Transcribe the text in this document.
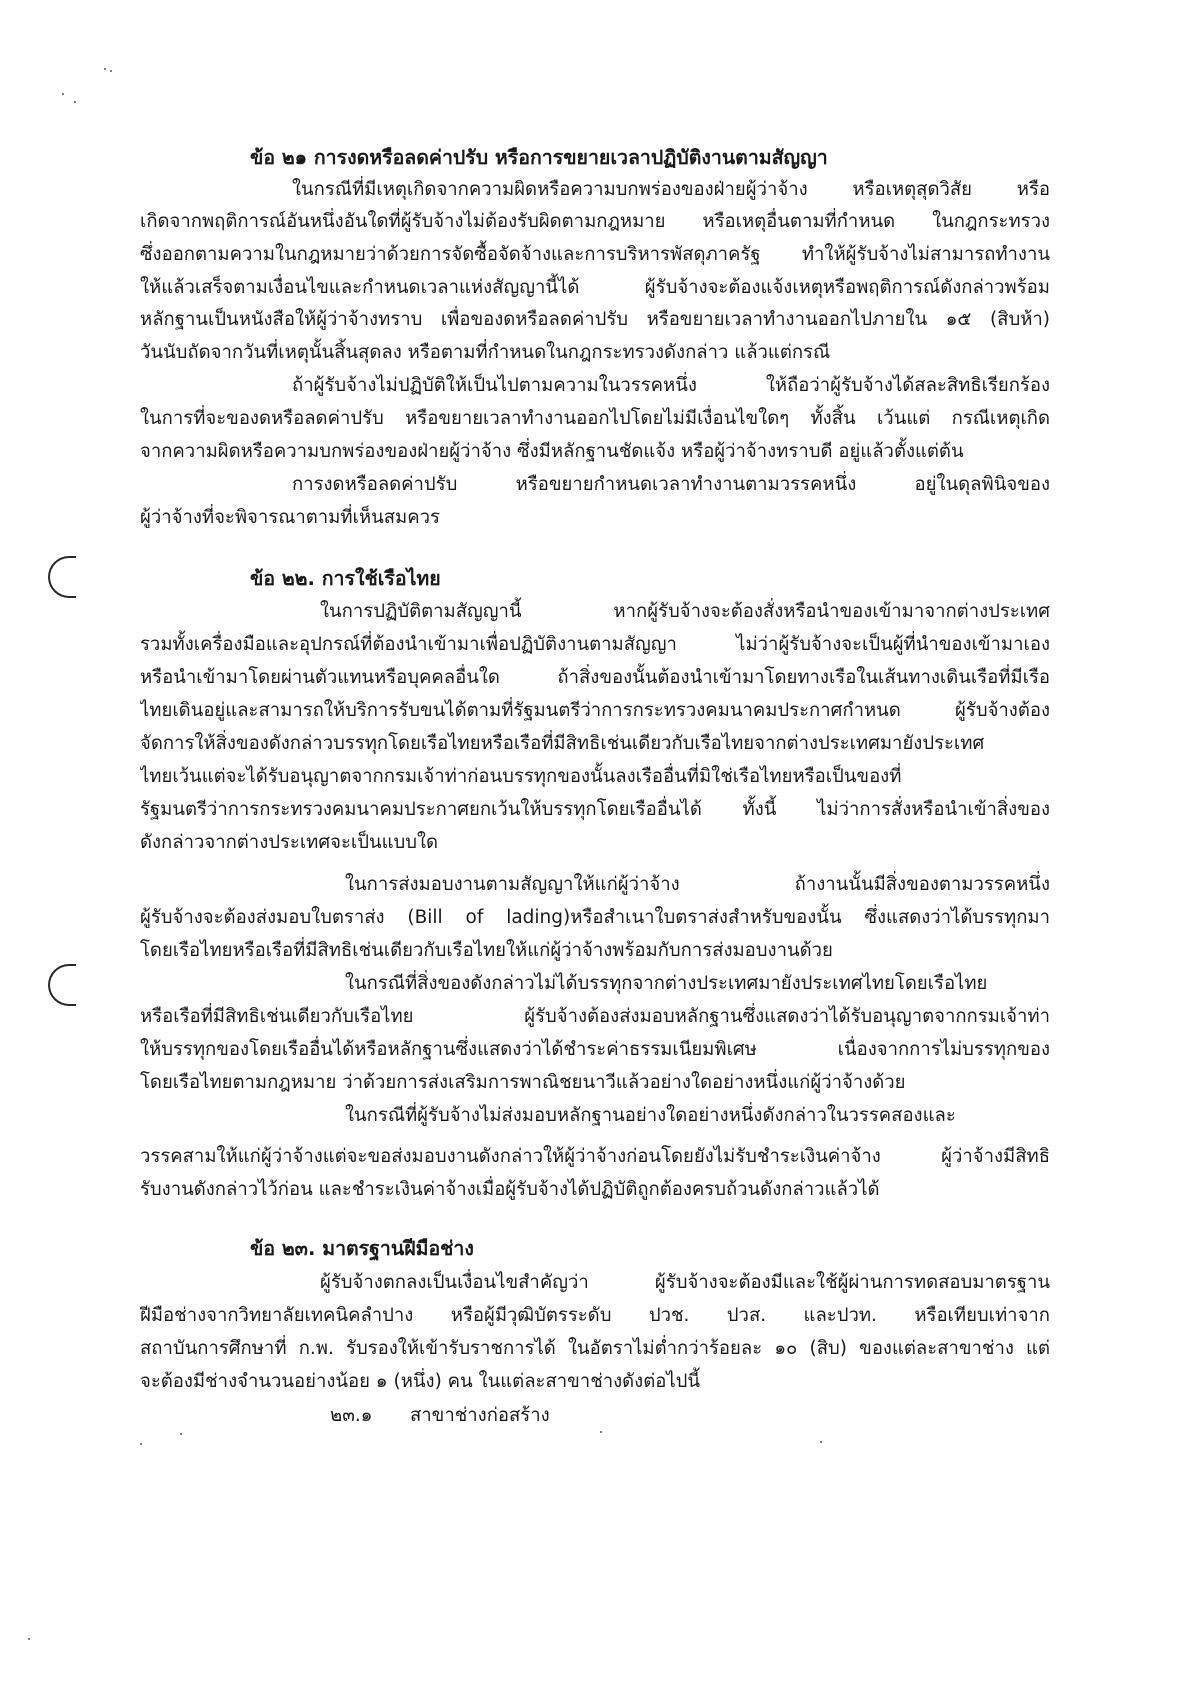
ข้อ ๒๑ การงดหรือลดค่าปรับ หรือการขยายเวลาปฏิบัติงานตามสัญญา
ในกรณีที่มีเหตุเกิดจากความผิดหรือความบกพร่องของฝ่ายผู้ว่าจ้าง หรือเหตุสุดวิสัย หรือ
เกิดจากพฤติการณ์อันหนึ่งอันใดที่ผู้รับจ้างไม่ต้องรับผิดตามกฎหมาย หรือเหตุอื่นตามที่กำหนด ในกฎกระทรวง
ซึ่งออกตามความในกฎหมายว่าด้วยการจัดซื้อจัดจ้างและการบริหารพัสดุภาครัฐ ทำให้ผู้รับจ้างไม่สามารถทำงาน
ให้แล้วเสร็จตามเงื่อนไขและกำหนดเวลาแห่งสัญญานี้ได้ ผู้รับจ้างจะต้องแจ้งเหตุหรือพฤติการณ์ดังกล่าวพร้อม
หลักฐานเป็นหนังสือให้ผู้ว่าจ้างทราบ เพื่อของดหรือลดค่าปรับ หรือขยายเวลาทำงานออกไปภายใน ๑๕ (สิบห้า)
วันนับถัดจากวันที่เหตุนั้นสิ้นสุดลง หรือตามที่กำหนดในกฎกระทรวงดังกล่าว แล้วแต่กรณี
ถ้าผู้รับจ้างไม่ปฏิบัติให้เป็นไปตามความในวรรคหนึ่ง ให้ถือว่าผู้รับจ้างได้สละสิทธิเรียกร้อง
ในการที่จะของดหรือลดค่าปรับ หรือขยายเวลาทำงานออกไปโดยไม่มีเงื่อนไขใดๆ ทั้งสิ้น เว้นแต่ กรณีเหตุเกิด
จากความผิดหรือความบกพร่องของฝ่ายผู้ว่าจ้าง ซึ่งมีหลักฐานชัดแจ้ง หรือผู้ว่าจ้างทราบดี อยู่แล้วตั้งแต่ต้น
การงดหรือลดค่าปรับ หรือขยายกำหนดเวลาทำงานตามวรรคหนึ่ง อยู่ในดุลพินิจของ
ผู้ว่าจ้างที่จะพิจารณาตามที่เห็นสมควร
ข้อ ๒๒. การใช้เรือไทย
ในการปฏิบัติตามสัญญานี้ หากผู้รับจ้างจะต้องสั่งหรือนำของเข้ามาจากต่างประเทศ
รวมทั้งเครื่องมือและอุปกรณ์ที่ต้องนำเข้ามาเพื่อปฏิบัติงานตามสัญญา ไม่ว่าผู้รับจ้างจะเป็นผู้ที่นำของเข้ามาเอง
หรือนำเข้ามาโดยผ่านตัวแทนหรือบุคคลอื่นใด ถ้าสิ่งของนั้นต้องนำเข้ามาโดยทางเรือในเส้นทางเดินเรือที่มีเรือ
ไทยเดินอยู่และสามารถให้บริการรับขนได้ตามที่รัฐมนตรีว่าการกระทรวงคมนาคมประกาศกำหนด ผู้รับจ้างต้อง
จัดการให้สิ่งของดังกล่าวบรรทุกโดยเรือไทยหรือเรือที่มีสิทธิเช่นเดียวกับเรือไทยจากต่างประเทศมายังประเทศ
ไทยเว้นแต่จะได้รับอนุญาตจากกรมเจ้าท่าก่อนบรรทุกของนั้นลงเรืออื่นที่มิใช่เรือไทยหรือเป็นของที่
รัฐมนตรีว่าการกระทรวงคมนาคมประกาศยกเว้นให้บรรทุกโดยเรืออื่นได้ ทั้งนี้ ไม่ว่าการสั่งหรือนำเข้าสิ่งของ
ดังกล่าวจากต่างประเทศจะเป็นแบบใด
ในการส่งมอบงานตามสัญญาให้แก่ผู้ว่าจ้าง ถ้างานนั้นมีสิ่งของตามวรรคหนึ่ง
ผู้รับจ้างจะต้องส่งมอบใบตราส่ง (Bill of lading)หรือสำเนาใบตราส่งสำหรับของนั้น ซึ่งแสดงว่าได้บรรทุกมา
โดยเรือไทยหรือเรือที่มีสิทธิเช่นเดียวกับเรือไทยให้แก่ผู้ว่าจ้างพร้อมกับการส่งมอบงานด้วย
ในกรณีที่สิ่งของดังกล่าวไม่ได้บรรทุกจากต่างประเทศมายังประเทศไทยโดยเรือไทย
หรือเรือที่มีสิทธิเช่นเดียวกับเรือไทย ผู้รับจ้างต้องส่งมอบหลักฐานซึ่งแสดงว่าได้รับอนุญาตจากกรมเจ้าท่า
ให้บรรทุกของโดยเรืออื่นได้หรือหลักฐานซึ่งแสดงว่าได้ชำระค่าธรรมเนียมพิเศษ เนื่องจากการไม่บรรทุกของ
โดยเรือไทยตามกฎหมาย ว่าด้วยการส่งเสริมการพาณิชยนาวีแล้วอย่างใดอย่างหนึ่งแก่ผู้ว่าจ้างด้วย
ในกรณีที่ผู้รับจ้างไม่ส่งมอบหลักฐานอย่างใดอย่างหนึ่งดังกล่าวในวรรคสองและ
วรรคสามให้แก่ผู้ว่าจ้างแต่จะขอส่งมอบงานดังกล่าวให้ผู้ว่าจ้างก่อนโดยยังไม่รับชำระเงินค่าจ้าง ผู้ว่าจ้างมีสิทธิ
รับงานดังกล่าวไว้ก่อน และชำระเงินค่าจ้างเมื่อผู้รับจ้างได้ปฏิบัติถูกต้องครบถ้วนดังกล่าวแล้วได้
ข้อ ๒๓. มาตรฐานฝีมือช่าง
ผู้รับจ้างตกลงเป็นเงื่อนไขสำคัญว่า ผู้รับจ้างจะต้องมีและใช้ผู้ผ่านการทดสอบมาตรฐาน
ฝีมือช่างจากวิทยาลัยเทคนิคลำปาง หรือผู้มีวุฒิบัตรระดับ ปวช. ปวส. และปวท. หรือเทียบเท่าจาก
สถาบันการศึกษาที่ ก.พ. รับรองให้เข้ารับราชการได้ ในอัตราไม่ต่ำกว่าร้อยละ ๑๐ (สิบ) ของแต่ละสาขาช่าง แต่
จะต้องมีช่างจำนวนอย่างน้อย ๑ (หนึ่ง) คน ในแต่ละสาขาช่างดังต่อไปนี้
๒๓.๑	สาขาช่างก่อสร้าง
